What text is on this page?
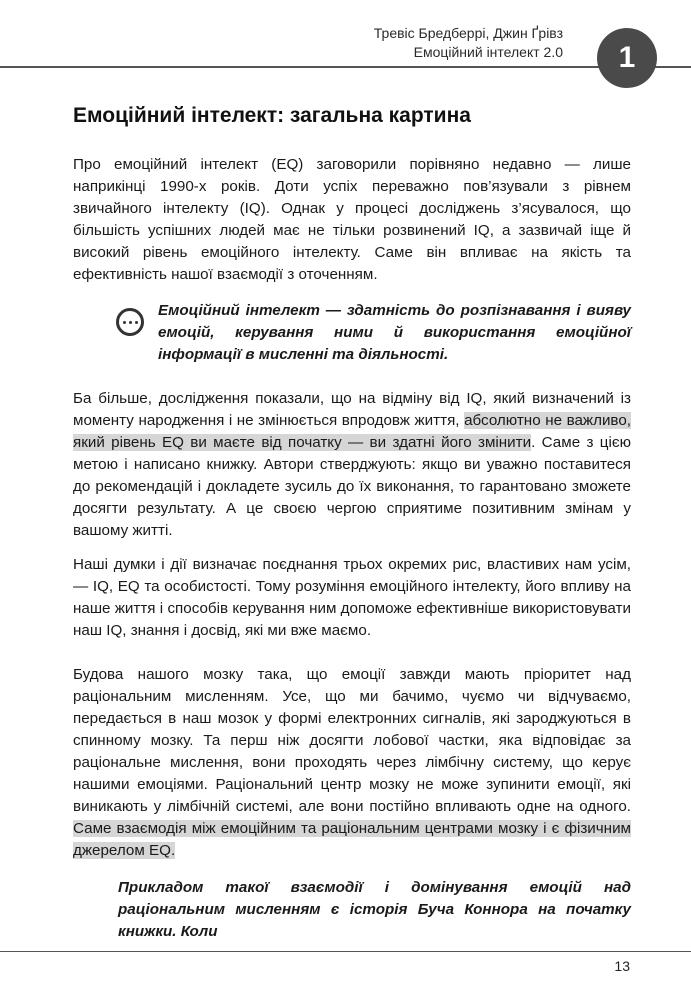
Тревіс Бредберрі, Джин Ґрівз
Емоційний інтелект 2.0	1
Емоційний інтелект: загальна картина

Про емоційний інтелект (EQ) заговорили порівняно недавно — лише наприкінці 1990-х років. Доти успіх переважно пов’язували з рівнем звичайного інтелекту (IQ). Однак у процесі досліджень з’ясувалося, що більшість успішних людей має не тільки розвинений IQ, а зазвичай іще й високий рівень емоційного інтелекту. Саме він впливає на якість та ефективність нашої взаємодії з оточенням.

Емоційний інтелект — здатність до розпізнавання і вияву емоцій, керування ними й використання емоційної інформації в мисленні та діяльності.

Ба більше, дослідження показали, що на відміну від IQ, який визначений із моменту народження і не змінюється впродовж життя, абсолютно не важливо, який рівень EQ ви маєте від початку — ви здатні його змінити. Саме з цією метою і написано книжку. Автори стверджують: якщо ви уважно поставитеся до рекомендацій і докладете зусиль до їх виконання, то гарантовано зможете досягти результату. А це своєю чергою сприятиме позитивним змінам у вашому житті.

Наші думки і дії визначає поєднання трьох окремих рис, властивих нам усім, — IQ, EQ та особистості. Тому розуміння емоційного інтелекту, його впливу на наше життя і способів керування ним допоможе ефективніше використовувати наш IQ, знання і досвід, які ми вже маємо.

Будова нашого мозку така, що емоції завжди мають пріоритет над раціональним мисленням. Усе, що ми бачимо, чуємо чи відчуваємо, передається в наш мозок у формі електронних сигналів, які зароджуються в спинному мозку. Та перш ніж досягти лобової частки, яка відповідає за раціональне мислення, вони проходять через лімбічну систему, що керує нашими емоціями. Раціональний центр мозку не може зупинити емоції, які виникають у лімбічній системі, але вони постійно впливають одне на одного. Саме взаємодія між емоційним та раціональним центрами мозку і є фізичним джерелом EQ.

Прикладом такої взаємодії і домінування емоцій над раціональним мисленням є історія Буча Коннора на початку книжки. Коли

13
